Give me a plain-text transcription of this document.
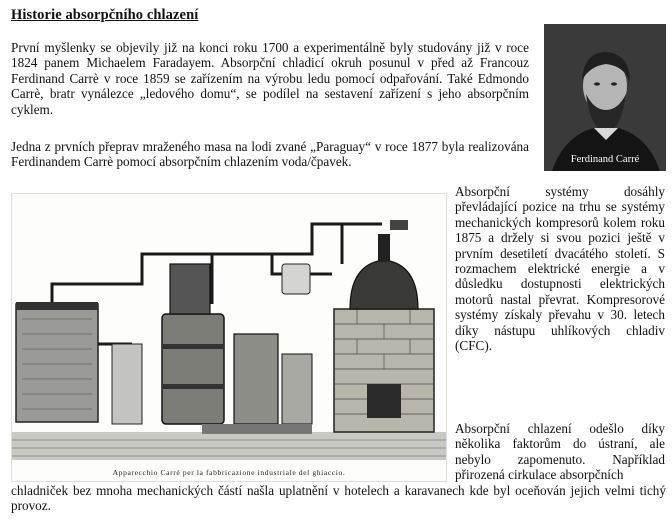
Historie absorpčního chlazení

První myšlenky se objevily již na konci roku 1700 a experimentálně byly studovány již v roce 1824 panem Michaelem Faradayem. Absorpční chladicí okruh posunul v před až Francouz Ferdinand Carrè v roce 1859 se zařízením na výrobu ledu pomocí odpařování. Také Edmondo Carrè, bratr vynálezce „ledového domu“, se podílel na sestavení zařízení s jeho absorpčním cyklem.

Jedna z prvních přeprav mraženého masa na lodi zvané „Paraguay“ v roce 1877 byla realizována Ferdinandem Carrè pomocí absorpčním chlazením voda/čpavek.	Ferdinand Carré
Apparecchio Carré per la fabbricazione industriale del ghiaccio.

Absorpční systémy dosáhly převládající pozice na trhu se systémy mechanických kompresorů kolem roku 1875 a držely si svou pozici ještě v prvním desetiletí dvacátého století. S rozmachem elektrické energie a v důsledku dostupnosti elektrických motorů nastal převrat. Kompresorové systémy získaly převahu v 30. letech díky nástupu uhlíkových chladiv (CFC).

Absorpční chlazení odešlo díky několika faktorům do ústraní, ale nebylo zapomenuto. Například přirozená cirkulace absorpčních

chladniček bez mnoha mechanických částí našla uplatnění v hotelech a karavanech kde byl oceňován jejich velmi tichý provoz.
